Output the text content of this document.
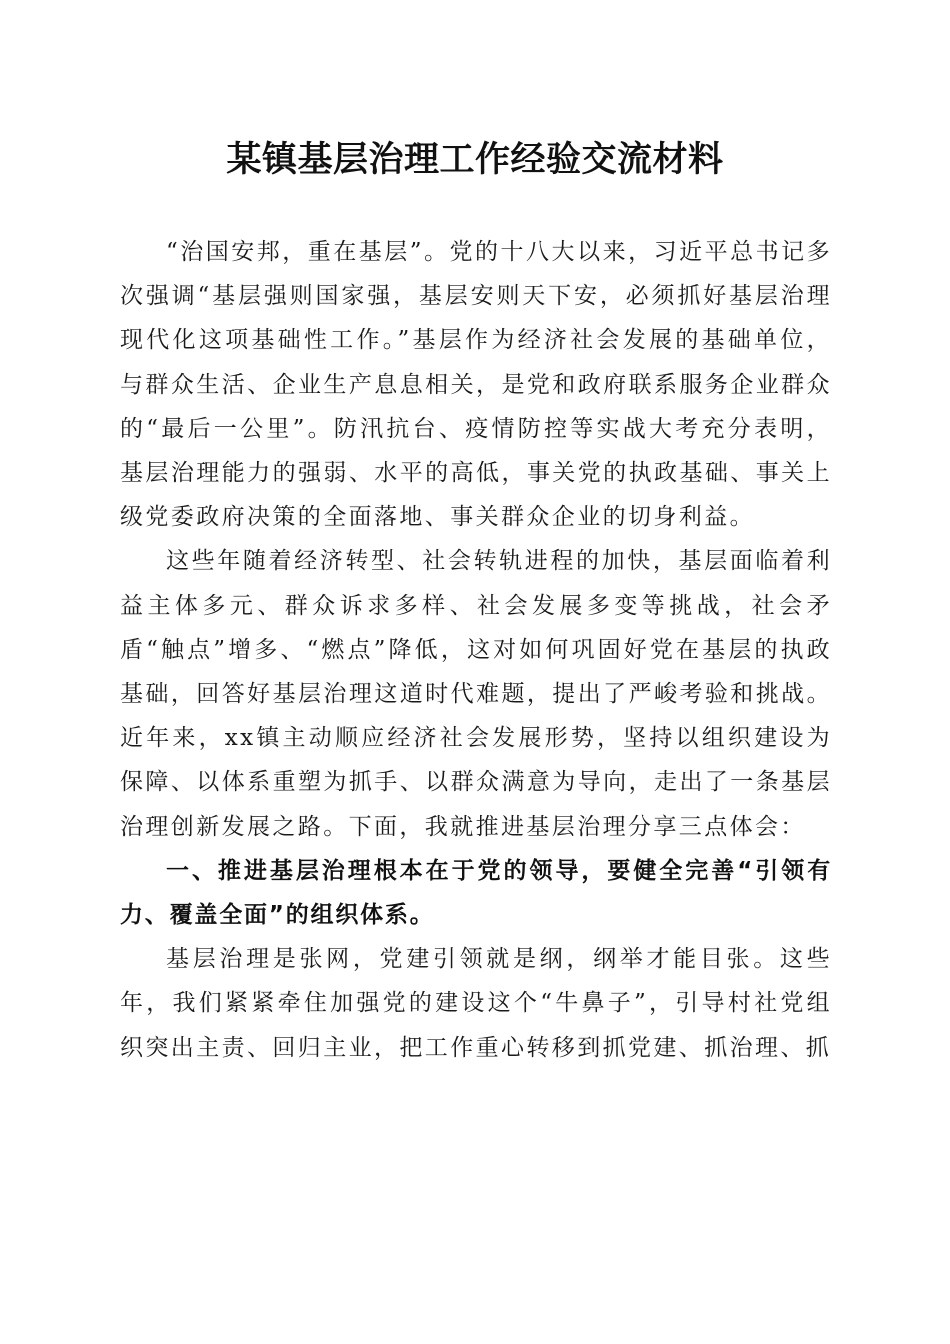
某镇基层治理工作经验交流材料

“治国安邦，重在基层”。党的十八大以来，习近平总书记多次强调“基层强则国家强，基层安则天下安，必须抓好基层治理现代化这项基础性工作。”基层作为经济社会发展的基础单位，与群众生活、企业生产息息相关，是党和政府联系服务企业群众的“最后一公里”。防汛抗台、疫情防控等实战大考充分表明，基层治理能力的强弱、水平的高低，事关党的执政基础、事关上级党委政府决策的全面落地、事关群众企业的切身利益。

这些年随着经济转型、社会转轨进程的加快，基层面临着利益主体多元、群众诉求多样、社会发展多变等挑战，社会矛盾“触点”增多、“燃点”降低，这对如何巩固好党在基层的执政基础，回答好基层治理这道时代难题，提出了严峻考验和挑战。近年来，xx镇主动顺应经济社会发展形势，坚持以组织建设为保障、以体系重塑为抓手、以群众满意为导向，走出了一条基层治理创新发展之路。下面，我就推进基层治理分享三点体会：

一、推进基层治理根本在于党的领导，要健全完善“引领有力、覆盖全面”的组织体系。

基层治理是张网，党建引领就是纲，纲举才能目张。这些年，我们紧紧牵住加强党的建设这个“牛鼻子”，引导村社党组织突出主责、回归主业，把工作重心转移到抓党建、抓治理、抓
